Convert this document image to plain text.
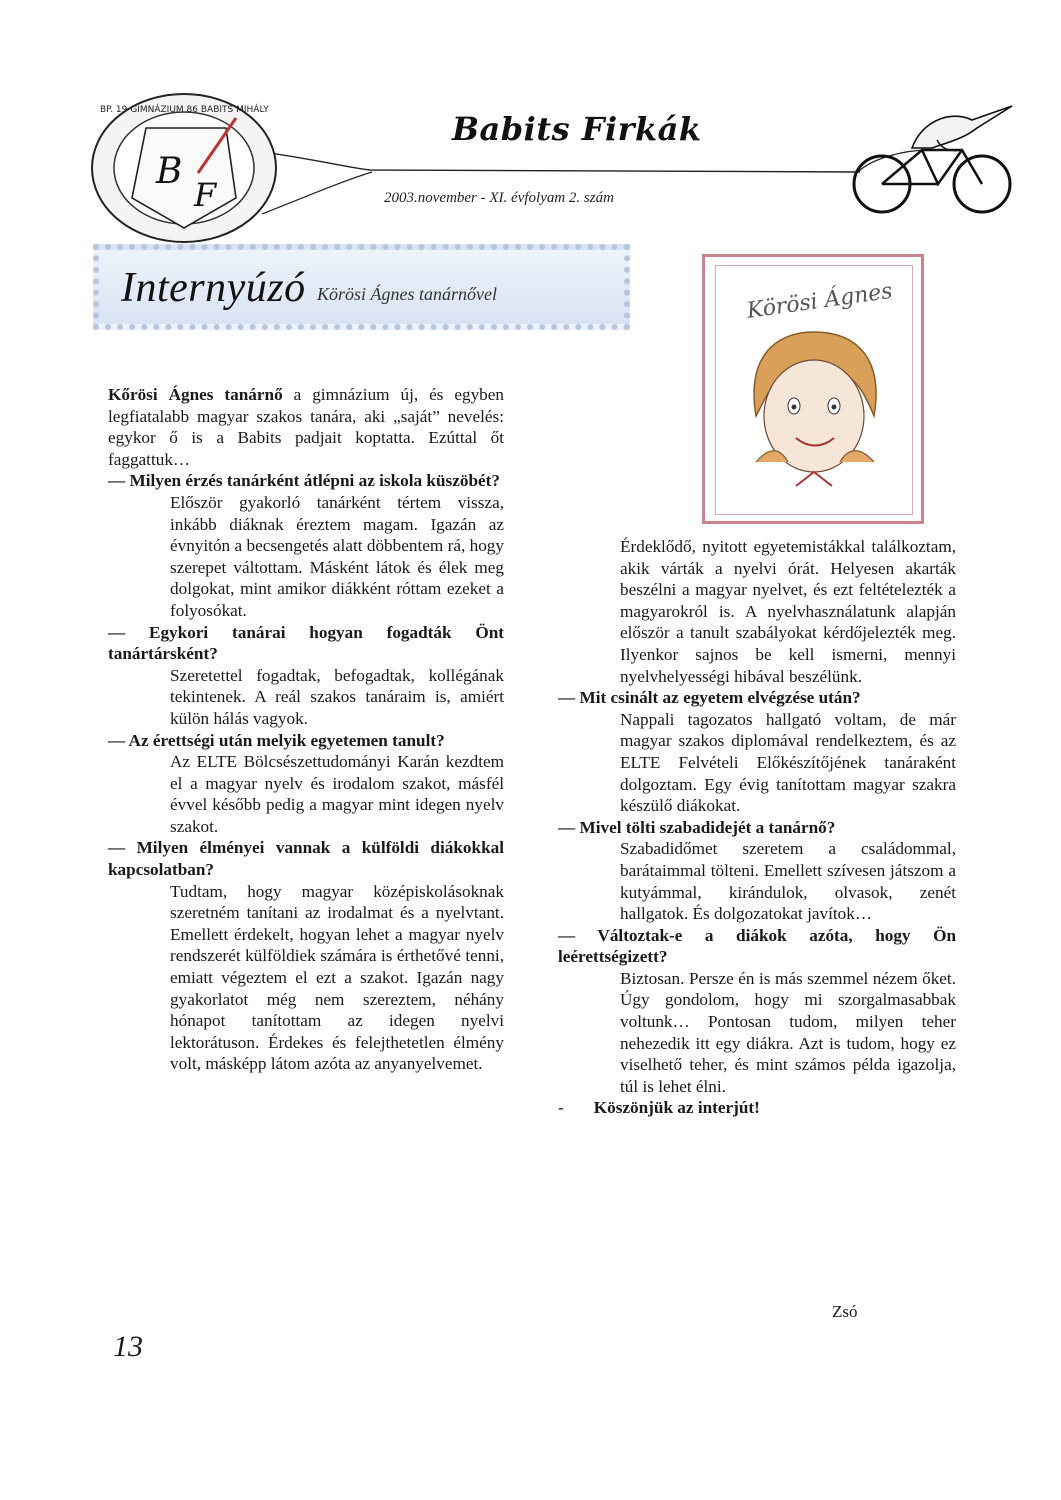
B
F
BP. 19 GIMNÁZIUM 86 BABITS MIHÁLY	Babits Firkák
2003.november - XI. évfolyam 2. szám
Internyúzó Körösi Ágnes tanárnővel	Körösi Ágnes

Kőrösi Ágnes tanárnő a gimnázium új, és egyben legfiatalabb magyar szakos tanára, aki „saját” nevelés: egykor ő is a Babits padjait koptatta. Ezúttal őt faggattuk…

— Milyen érzés tanárként átlépni az iskola küszöbét?

Először gyakorló tanárként tértem vissza, inkább diáknak éreztem magam. Igazán az évnyitón a becsengetés alatt döbbentem rá, hogy szerepet váltottam. Másként látok és élek meg dolgokat, mint amikor diákként róttam ezeket a folyosókat.

— Egykori tanárai hogyan fogadták Önt tanártársként?

Szeretettel fogadtak, befogadtak, kollégának tekintenek. A reál szakos tanáraim is, amiért külön hálás vagyok.

— Az érettségi után melyik egyetemen tanult?

Az ELTE Bölcsészettudományi Karán kezdtem el a magyar nyelv és irodalom szakot, másfél évvel később pedig a magyar mint idegen nyelv szakot.

— Milyen élményei vannak a külföldi diákokkal kapcsolatban?

Tudtam, hogy magyar középiskolásoknak szeretném tanítani az irodalmat és a nyelvtant. Emellett érdekelt, hogyan lehet a magyar nyelv rendszerét külföldiek számára is érthetővé tenni, emiatt végeztem el ezt a szakot. Igazán nagy gyakorlatot még nem szereztem, néhány hónapot tanítottam az idegen nyelvi lektorátuson. Érdekes és felejthetetlen élmény volt, másképp látom azóta az anyanyelvemet.

Érdeklődő, nyitott egyetemistákkal találkoztam, akik várták a nyelvi órát. Helyesen akarták beszélni a magyar nyelvet, és ezt feltételezték a magyarokról is. A nyelvhasználatunk alapján először a tanult szabályokat kérdőjelezték meg. Ilyenkor sajnos be kell ismerni, mennyi nyelvhelyességi hibával beszélünk.

— Mit csinált az egyetem elvégzése után?

Nappali tagozatos hallgató voltam, de már magyar szakos diplomával rendelkeztem, és az ELTE Felvételi Előkészítőjének tanáraként dolgoztam. Egy évig tanítottam magyar szakra készülő diákokat.

— Mivel tölti szabadidejét a tanárnő?

Szabadidőmet szeretem a családommal, barátaimmal tölteni. Emellett szívesen játszom a kutyámmal, kirándulok, olvasok, zenét hallgatok. És dolgozatokat javítok…

— Változtak-e a diákok azóta, hogy Ön leérettségizett?

Biztosan. Persze én is más szemmel nézem őket. Úgy gondolom, hogy mi szorgalmasabbak voltunk… Pontosan tudom, milyen teher nehezedik itt egy diákra. Azt is tudom, hogy ez viselhető teher, és mint számos példa igazolja, túl is lehet élni.

- Köszönjük az interjút!

Zsó
13
